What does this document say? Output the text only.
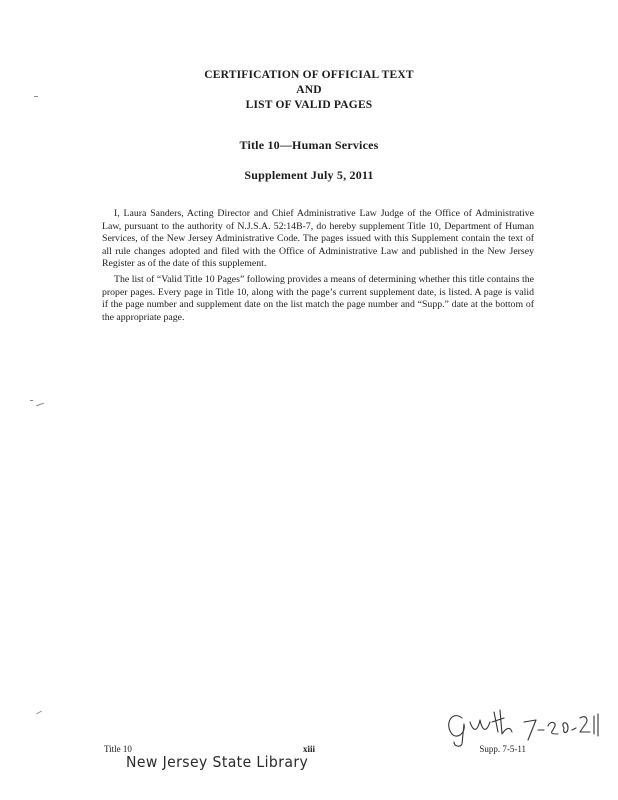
CERTIFICATION OF OFFICIAL TEXT
AND
LIST OF VALID PAGES
Title 10—Human Services
Supplement July 5, 2011

I, Laura Sanders, Acting Director and Chief Administrative Law Judge of the Office of Administrative Law, pursuant to the authority of N.J.S.A. 52:14B-7, do hereby supplement Title 10, Department of Human Services, of the New Jersey Administrative Code. The pages issued with this Supplement contain the text of all rule changes adopted and filed with the Office of Administrative Law and published in the New Jersey Register as of the date of this supplement.

The list of “Valid Title 10 Pages” following provides a means of determining whether this title contains the proper pages. Every page in Title 10, along with the page’s current supplement date, is listed. A page is valid if the page number and supplement date on the list match the page number and “Supp.” date at the bottom of the appropriate page.

Title 10	xiii	Supp. 7-5-11
New Jersey State Library
